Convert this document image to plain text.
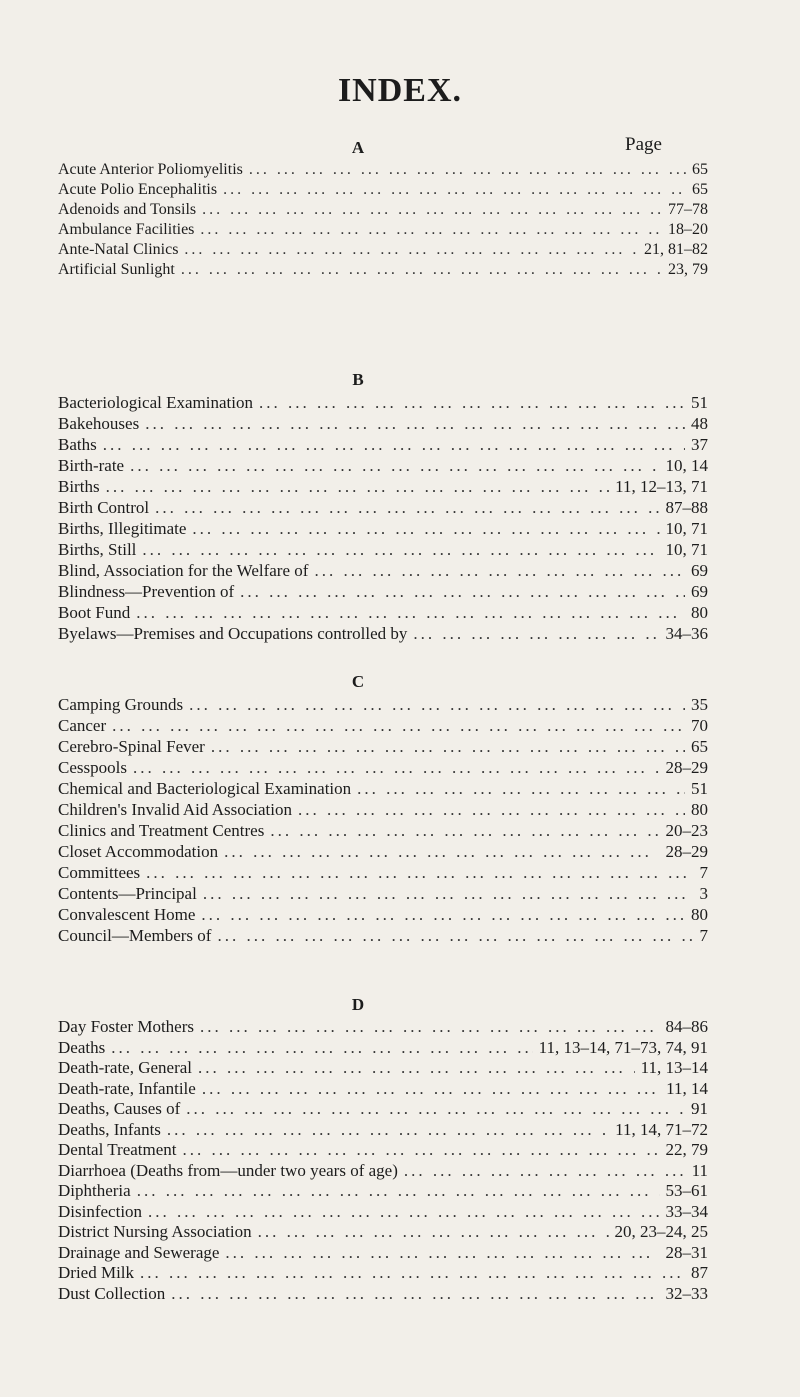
INDEX.
Page
A
Acute Anterior Poliomyelitis ... .	65
Acute Polio Encephalitis ... .	65
Adenoids and Tonsils ... .	77–78
Ambulance Facilities ... .	18–20
Ante-Natal Clinics ... .	21, 81–82
Artificial Sunlight ... .	23, 79
B
Bacteriological Examination ... .	51
Bakehouses ... .	48
Baths ... .	37
Birth-rate ... .	10, 14
Births ... .	11, 12–13, 71
Birth Control ... .	87–88
Births, Illegitimate ... .	10, 71
Births, Still ... .	10, 71
Blind, Association for the Welfare of ... .	69
Blindness—Prevention of ... .	69
Boot Fund ... .	80
Byelaws—Premises and Occupations controlled by ... .	34–36
C
Camping Grounds ... .	35
Cancer ... .	70
Cerebro-Spinal Fever ... .	65
Cesspools ... .	28–29
Chemical and Bacteriological Examination ... .	51
Children's Invalid Aid Association ... .	80
Clinics and Treatment Centres ... .	20–23
Closet Accommodation ... .	28–29
Committees ... .	7
Contents—Principal ... .	3
Convalescent Home ... .	80
Council—Members of ... .	7
D
Day Foster Mothers ... .	84–86
Deaths ... .	11, 13–14, 71–73, 74, 91
Death-rate, General ... .	11, 13–14
Death-rate, Infantile ... .	11, 14
Deaths, Causes of ... .	91
Deaths, Infants ... .	11, 14, 71–72
Dental Treatment ... .	22, 79
Diarrhoea (Deaths from—under two years of age) ... .	11
Diphtheria ... .	53–61
Disinfection ... .	33–34
District Nursing Association ... .	20, 23–24, 25
Drainage and Sewerage ... .	28–31
Dried Milk ... .	87
Dust Collection ... .	32–33
